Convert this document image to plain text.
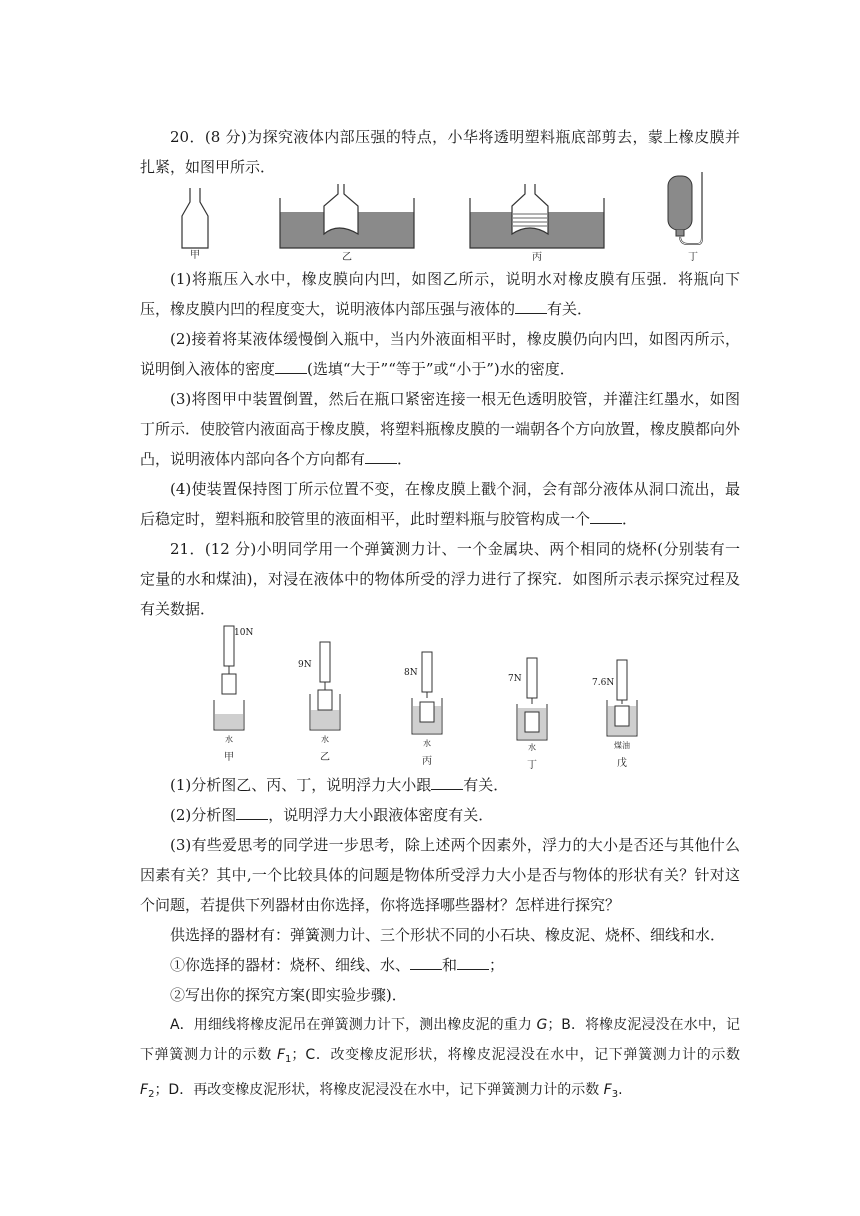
20．(8 分)为探究液体内部压强的特点，小华将透明塑料瓶底部剪去，蒙上橡皮膜并扎紧，如图甲所示．

甲	乙	丙	丁

(1)将瓶压入水中，橡皮膜向内凹，如图乙所示，说明水对橡皮膜有压强．将瓶向下压，橡皮膜内凹的程度变大，说明液体内部压强与液体的 有关．

(2)接着将某液体缓慢倒入瓶中，当内外液面相平时，橡皮膜仍向内凹，如图丙所示，说明倒入液体的密度 (选填“大于”“等于”或“小于”)水的密度．

(3)将图甲中装置倒置，然后在瓶口紧密连接一根无色透明胶管，并灌注红墨水，如图丁所示．使胶管内液面高于橡皮膜，将塑料瓶橡皮膜的一端朝各个方向放置，橡皮膜都向外凸，说明液体内部向各个方向都有 ．

(4)使装置保持图丁所示位置不变，在橡皮膜上戳个洞，会有部分液体从洞口流出，最后稳定时，塑料瓶和胶管里的液面相平，此时塑料瓶与胶管构成一个 ．

21．(12 分)小明同学用一个弹簧测力计、一个金属块、两个相同的烧杯(分别装有一定量的水和煤油)，对浸在液体中的物体所受的浮力进行了探究．如图所示表示探究过程及有关数据．

10N
9N
8N
7N	7.6N
水	水	水	水	煤油
甲	乙	丙	丁	戊

(1)分析图乙、丙、丁，说明浮力大小跟 有关．

(2)分析图 ，说明浮力大小跟液体密度有关．

(3)有些爱思考的同学进一步思考，除上述两个因素外，浮力的大小是否还与其他什么因素有关？其中,一个比较具体的问题是物体所受浮力大小是否与物体的形状有关？针对这个问题，若提供下列器材由你选择，你将选择哪些器材？怎样进行探究？

供选择的器材有：弹簧测力计、三个形状不同的小石块、橡皮泥、烧杯、细线和水．

①你选择的器材：烧杯、细线、水、 和 ；

②写出你的探究方案(即实验步骤)．

A．用细线将橡皮泥吊在弹簧测力计下，测出橡皮泥的重力 G；B．将橡皮泥浸没在水中，记下弹簧测力计的示数 $F_1$；C．改变橡皮泥形状，将橡皮泥浸没在水中，记下弹簧测力计的示数 $F_2$；D．再改变橡皮泥形状，将橡皮泥浸没在水中，记下弹簧测力计的示数 $F_3$.
